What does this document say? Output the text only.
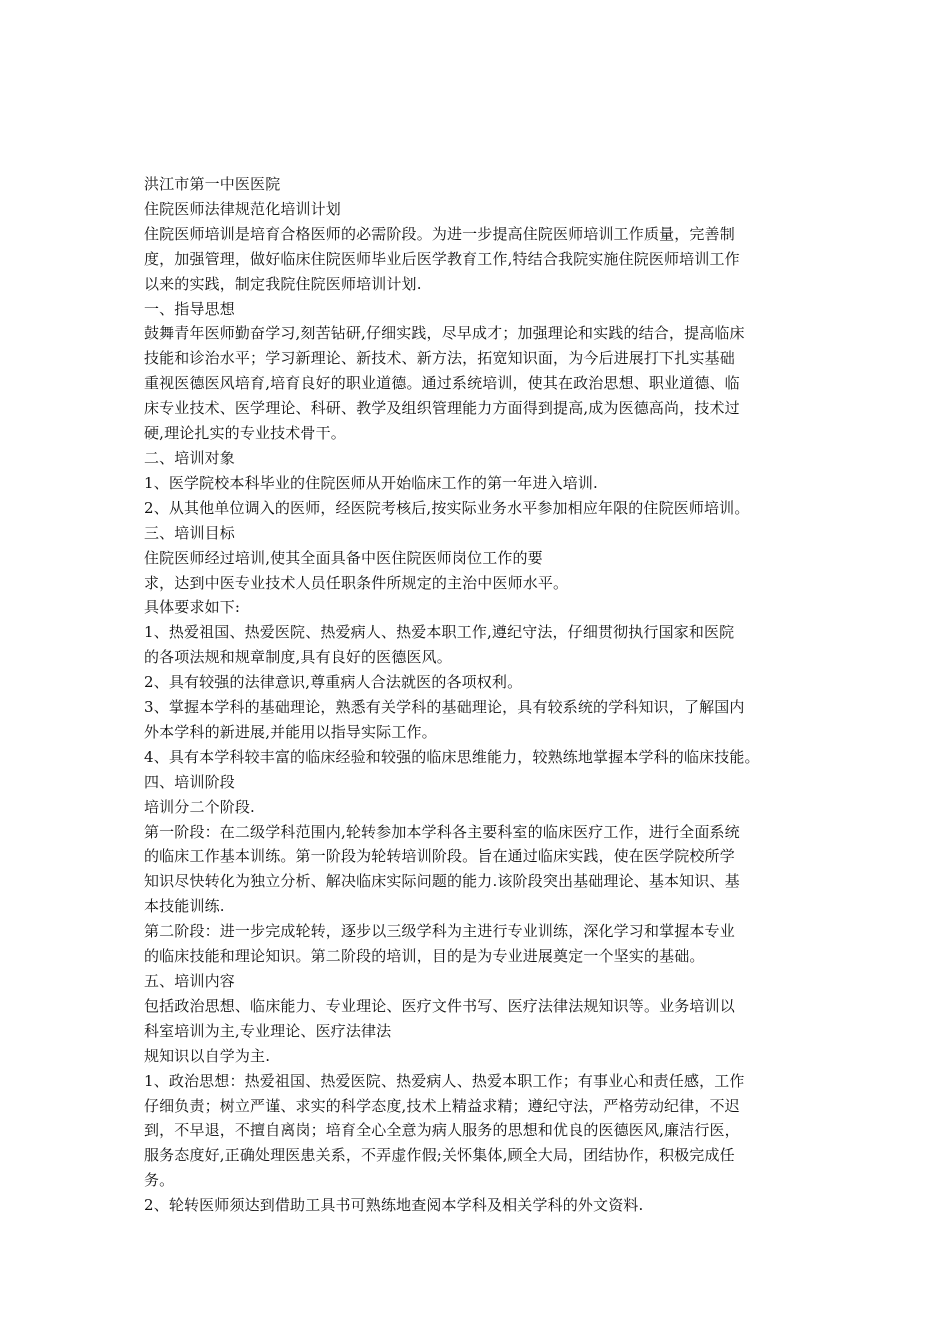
洪江市第一中医医院
住院医师法律规范化培训计划
住院医师培训是培育合格医师的必需阶段。为进一步提高住院医师培训工作质量，完善制
度，加强管理，做好临床住院医师毕业后医学教育工作,特结合我院实施住院医师培训工作
以来的实践，制定我院住院医师培训计划.
一、指导思想
鼓舞青年医师勤奋学习,刻苦钻研,仔细实践，尽早成才；加强理论和实践的结合，提高临床
技能和诊治水平；学习新理论、新技术、新方法，拓宽知识面，为今后进展打下扎实基础
重视医德医风培育,培育良好的职业道德。通过系统培训，使其在政治思想、职业道德、临
床专业技术、医学理论、科研、教学及组织管理能力方面得到提高,成为医德高尚，技术过
硬,理论扎实的专业技术骨干。
二、培训对象
1、医学院校本科毕业的住院医师从开始临床工作的第一年进入培训.
2、从其他单位调入的医师，经医院考核后,按实际业务水平参加相应年限的住院医师培训。
三、培训目标
住院医师经过培训,使其全面具备中医住院医师岗位工作的要
求，达到中医专业技术人员任职条件所规定的主治中医师水平。
具体要求如下:
1、热爱祖国、热爱医院、热爱病人、热爱本职工作,遵纪守法，仔细贯彻执行国家和医院
的各项法规和规章制度,具有良好的医德医风。
2、具有较强的法律意识,尊重病人合法就医的各项权利。
3、掌握本学科的基础理论，熟悉有关学科的基础理论，具有较系统的学科知识，了解国内
外本学科的新进展,并能用以指导实际工作。
4、具有本学科较丰富的临床经验和较强的临床思维能力，较熟练地掌握本学科的临床技能。
四、培训阶段
培训分二个阶段.
第一阶段：在二级学科范围内,轮转参加本学科各主要科室的临床医疗工作，进行全面系统
的临床工作基本训练。第一阶段为轮转培训阶段。旨在通过临床实践，使在医学院校所学
知识尽快转化为独立分析、解决临床实际问题的能力.该阶段突出基础理论、基本知识、基
本技能训练.
第二阶段：进一步完成轮转，逐步以三级学科为主进行专业训练，深化学习和掌握本专业
的临床技能和理论知识。第二阶段的培训，目的是为专业进展奠定一个坚实的基础。
五、培训内容
包括政治思想、临床能力、专业理论、医疗文件书写、医疗法律法规知识等。业务培训以
科室培训为主,专业理论、医疗法律法
规知识以自学为主.
1、政治思想：热爱祖国、热爱医院、热爱病人、热爱本职工作；有事业心和责任感，工作
仔细负责；树立严谨、求实的科学态度,技术上精益求精；遵纪守法，严格劳动纪律，不迟
到，不早退，不擅自离岗；培育全心全意为病人服务的思想和优良的医德医风,廉洁行医，
服务态度好,正确处理医患关系，不弄虚作假;关怀集体,顾全大局，团结协作，积极完成任
务。
2、轮转医师须达到借助工具书可熟练地查阅本学科及相关学科的外文资料.
